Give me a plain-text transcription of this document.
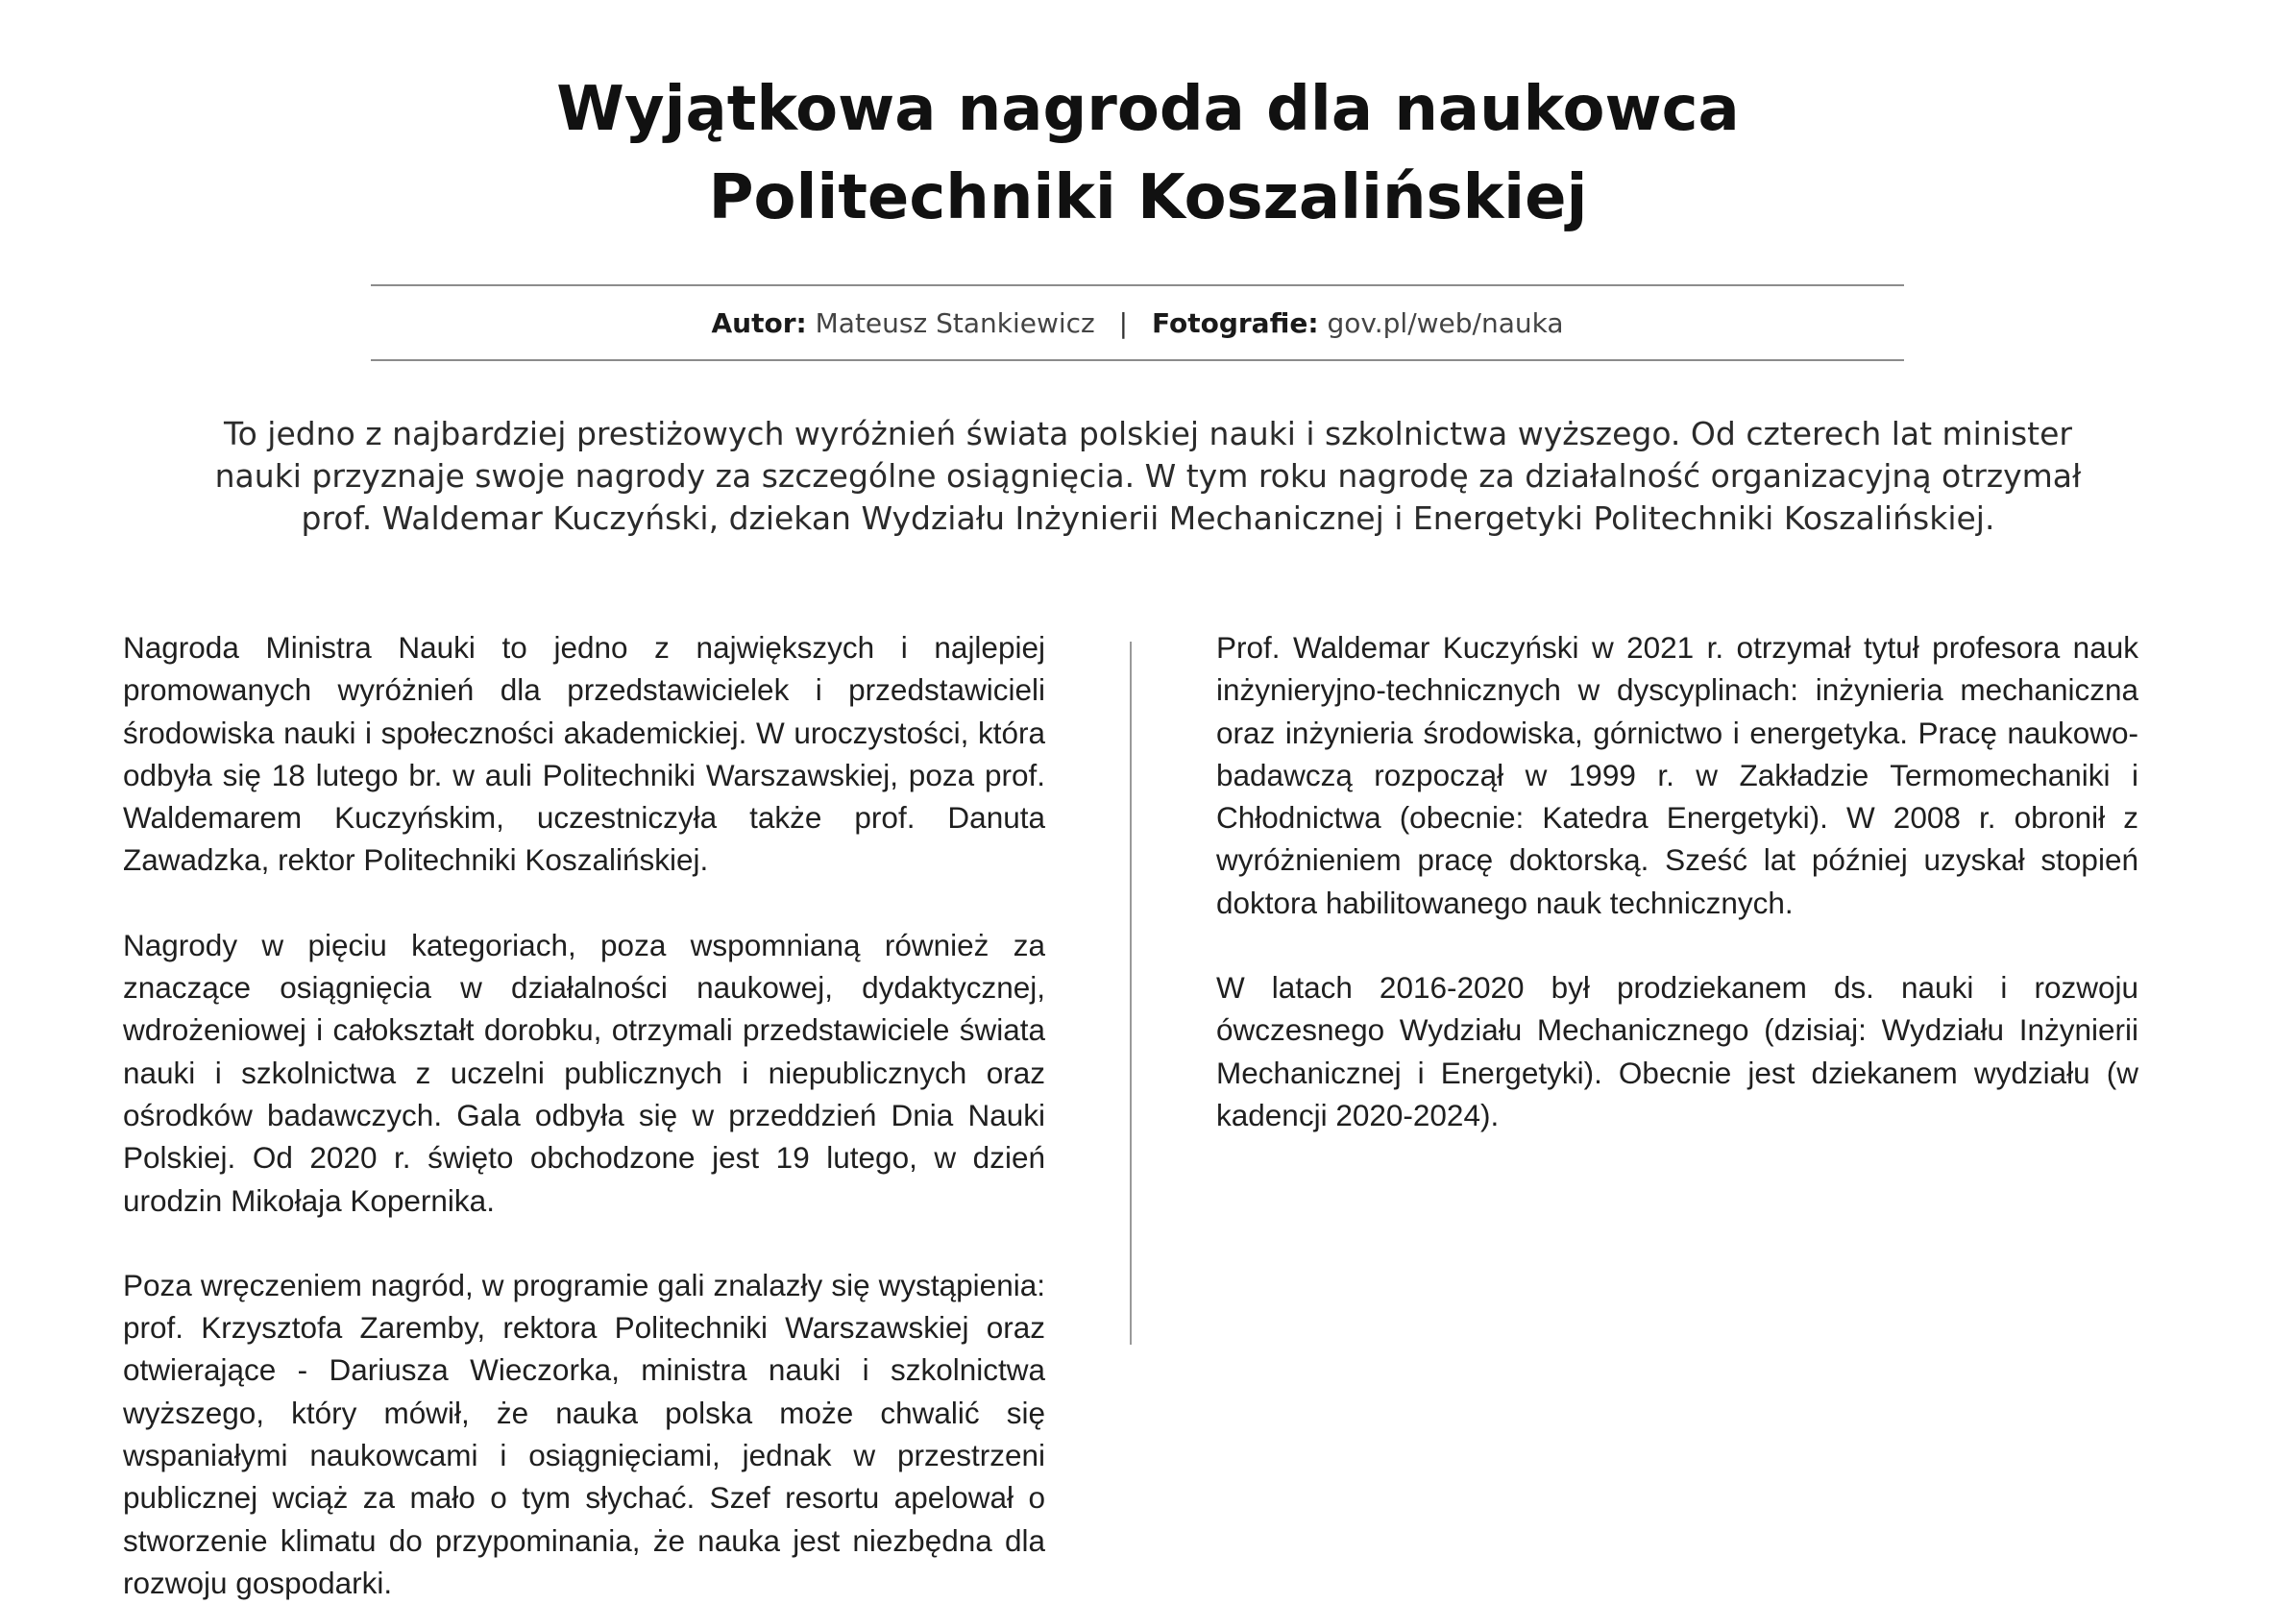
Wyjątkowa nagroda dla naukowca
Politechniki Koszalińskiej
Autor: Mateusz Stankiewicz | Fotografie: gov.pl/web/nauka

To jedno z najbardziej prestiżowych wyróżnień świata polskiej nauki i szkolnictwa wyższego. Od czterech lat minister
nauki przyznaje swoje nagrody za szczególne osiągnięcia. W tym roku nagrodę za działalność organizacyjną otrzymał
prof. Waldemar Kuczyński, dziekan Wydziału Inżynierii Mechanicznej i Energetyki Politechniki Koszalińskiej.

Nagroda Ministra Nauki to jedno z największych i najlepiej promowanych wyróżnień dla przedstawicielek i przedstawicieli środowiska nauki i społeczności akademickiej. W uroczystości, która odbyła się 18 lutego br. w auli Politechniki Warszawskiej, poza prof. Waldemarem Kuczyńskim, uczestniczyła także prof. Danuta Zawadzka, rektor Politechniki Koszalińskiej.

Nagrody w pięciu kategoriach, poza wspomnianą również za znaczące osiągnięcia w działalności naukowej, dydaktycznej, wdrożeniowej i całokształt dorobku, otrzymali przedstawiciele świata nauki i szkolnictwa z uczelni publicznych i niepublicznych oraz ośrodków badawczych. Gala odbyła się w przeddzień Dnia Nauki Polskiej. Od 2020 r. święto obchodzone jest 19 lutego, w dzień urodzin Mikołaja Kopernika.

Poza wręczeniem nagród, w programie gali znalazły się wystąpienia: prof. Krzysztofa Zaremby, rektora Politechniki Warszawskiej oraz otwierające - Dariusza Wieczorka, ministra nauki i szkolnictwa wyższego, który mówił, że nauka polska może chwalić się wspaniałymi naukowcami i osiągnięciami, jednak w przestrzeni publicznej wciąż za mało o tym słychać. Szef resortu apelował o stworzenie klimatu do przypominania, że nauka jest niezbędna dla rozwoju gospodarki.

Prof. Waldemar Kuczyński w 2021 r. otrzymał tytuł profesora nauk inżynieryjno-technicznych w dyscyplinach: inżynieria mechaniczna oraz inżynieria środowiska, górnictwo i energetyka. Pracę naukowo-badawczą rozpoczął w 1999 r. w Zakładzie Termomechaniki i Chłodnictwa (obecnie: Katedra Energetyki). W 2008 r. obronił z wyróżnieniem pracę doktorską. Sześć lat później uzyskał stopień doktora habilitowanego nauk technicznych.

W latach 2016-2020 był prodziekanem ds. nauki i rozwoju ówczesnego Wydziału Mechanicznego (dzisiaj: Wydziału Inżynierii Mechanicznej i Energetyki). Obecnie jest dziekanem wydziału (w kadencji 2020-2024).
